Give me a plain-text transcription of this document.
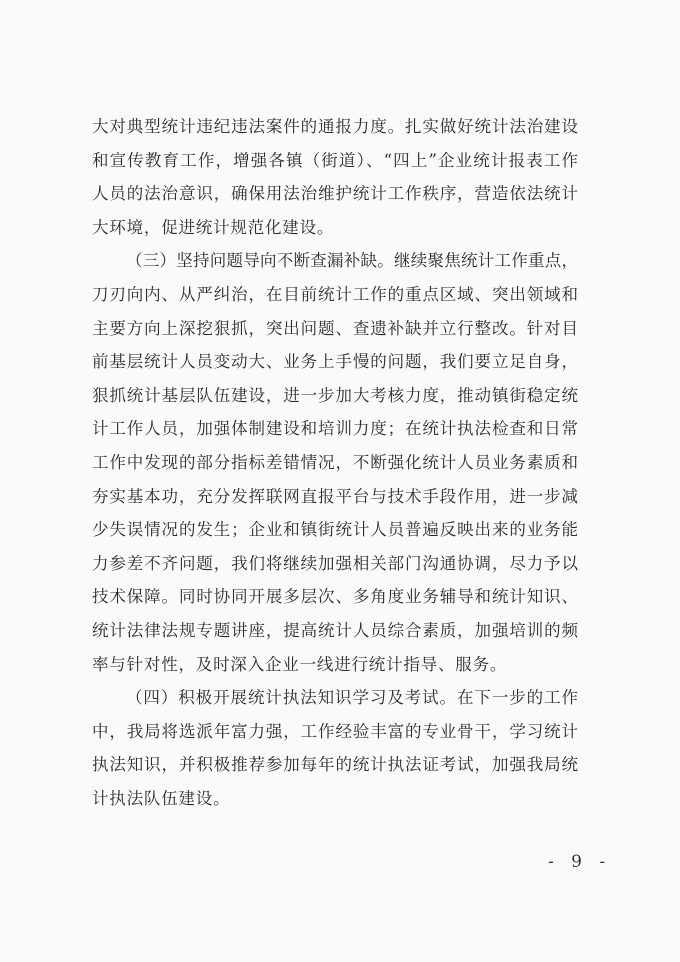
大对典型统计违纪违法案件的通报力度。扎实做好统计法治建设
和宣传教育工作，增强各镇（街道）、“四上”企业统计报表工作
人员的法治意识，确保用法治维护统计工作秩序，营造依法统计
大环境，促进统计规范化建设。
（三）坚持问题导向不断查漏补缺。继续聚焦统计工作重点，
刀刃向内、从严纠治，在目前统计工作的重点区域、突出领域和
主要方向上深挖狠抓，突出问题、查遗补缺并立行整改。针对目
前基层统计人员变动大、业务上手慢的问题，我们要立足自身，
狠抓统计基层队伍建设，进一步加大考核力度，推动镇街稳定统
计工作人员，加强体制建设和培训力度；在统计执法检查和日常
工作中发现的部分指标差错情况，不断强化统计人员业务素质和
夯实基本功，充分发挥联网直报平台与技术手段作用，进一步减
少失误情况的发生；企业和镇街统计人员普遍反映出来的业务能
力参差不齐问题，我们将继续加强相关部门沟通协调，尽力予以
技术保障。同时协同开展多层次、多角度业务辅导和统计知识、
统计法律法规专题讲座，提高统计人员综合素质，加强培训的频
率与针对性，及时深入企业一线进行统计指导、服务。
（四）积极开展统计执法知识学习及考试。在下一步的工作
中，我局将选派年富力强，工作经验丰富的专业骨干，学习统计
执法知识，并积极推荐参加每年的统计执法证考试，加强我局统
计执法队伍建设。
- 9 -
